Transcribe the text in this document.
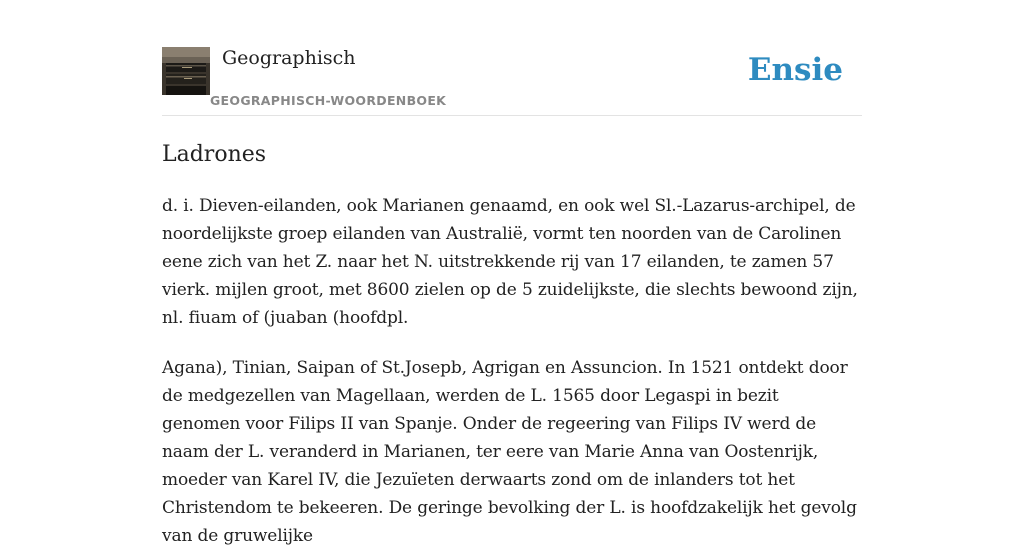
Geographisch
GEOGRAPHISCH-WOORDENBOEK
Ensie
Ladrones

d. i. Dieven-eilanden, ook Marianen genaamd, en ook wel Sl.-Lazarus-archipel, de noordelijkste groep eilanden van Australië, vormt ten noorden van de Carolinen eene zich van het Z. naar het N. uitstrekkende rij van 17 eilanden, te zamen 57 vierk. mijlen groot, met 8600 zielen op de 5 zuidelijkste, die slechts bewoond zijn, nl. fiuam of (juaban (hoofdpl.

Agana), Tinian, Saipan of St.Josepb, Agrigan en Assuncion. In 1521 ontdekt door de medgezellen van Magellaan, werden de L. 1565 door Legaspi in bezit genomen voor Filips II van Spanje. Onder de regeering van Filips IV werd de naam der L. veranderd in Marianen, ter eere van Marie Anna van Oostenrijk, moeder van Karel IV, die Jezuïeten derwaarts zond om de inlanders tot het Christendom te bekeeren. De geringe bevolking der L. is hoofdzakelijk het gevolg van de gruwelijke
